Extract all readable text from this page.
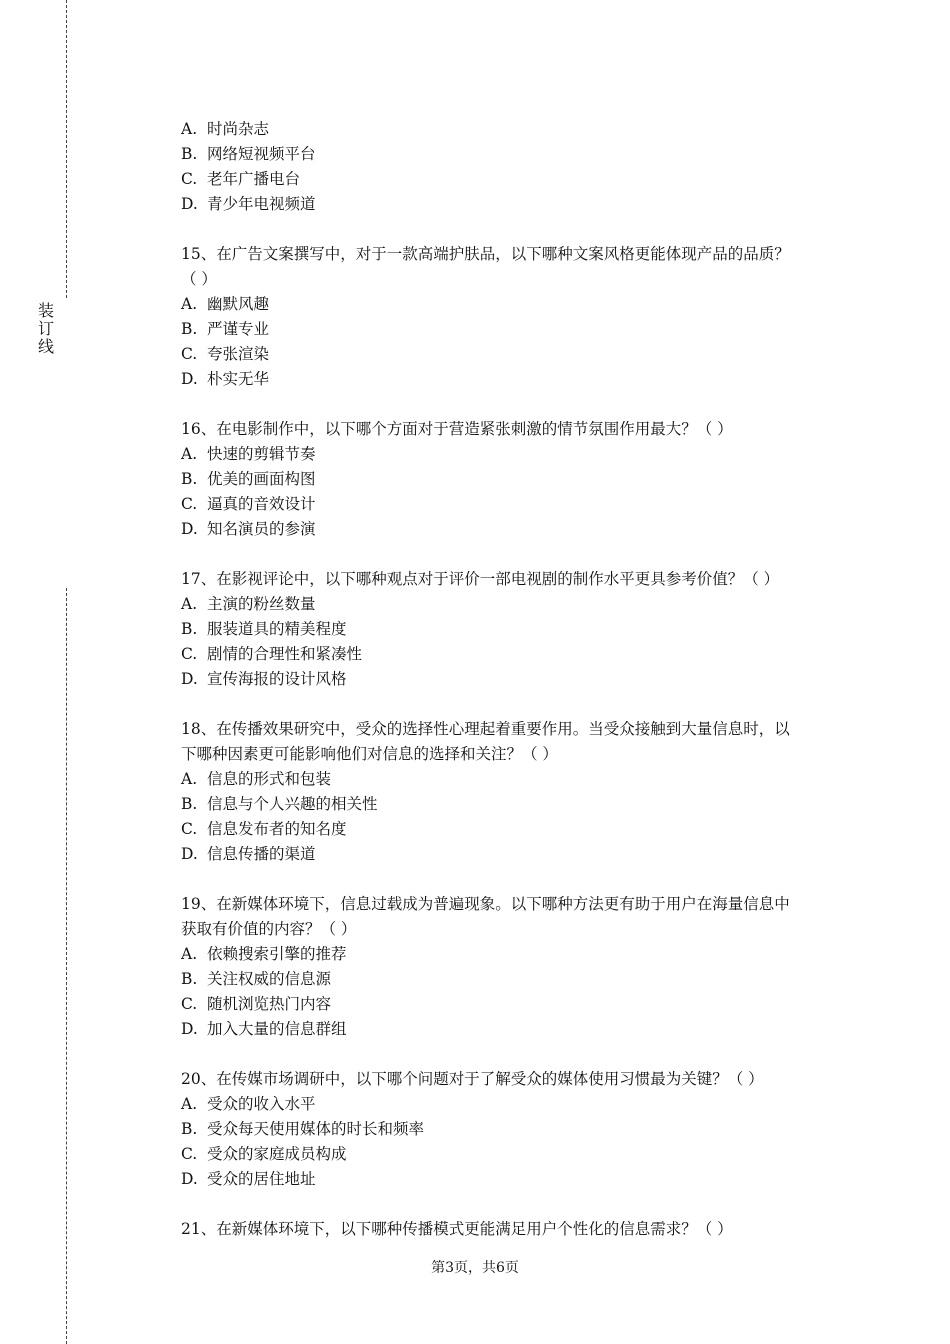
装
订
线
A. 时尚杂志
B. 网络短视频平台
C. 老年广播电台
D. 青少年电视频道
15、在广告文案撰写中，对于一款高端护肤品，以下哪种文案风格更能体现产品的品质？
（ ）
A. 幽默风趣
B. 严谨专业
C. 夸张渲染
D. 朴实无华
16、在电影制作中，以下哪个方面对于营造紧张刺激的情节氛围作用最大？（ ）
A. 快速的剪辑节奏
B. 优美的画面构图
C. 逼真的音效设计
D. 知名演员的参演
17、在影视评论中，以下哪种观点对于评价一部电视剧的制作水平更具参考价值？（ ）
A. 主演的粉丝数量
B. 服装道具的精美程度
C. 剧情的合理性和紧凑性
D. 宣传海报的设计风格
18、在传播效果研究中，受众的选择性心理起着重要作用。当受众接触到大量信息时，以
下哪种因素更可能影响他们对信息的选择和关注？（ ）
A. 信息的形式和包装
B. 信息与个人兴趣的相关性
C. 信息发布者的知名度
D. 信息传播的渠道
19、在新媒体环境下，信息过载成为普遍现象。以下哪种方法更有助于用户在海量信息中
获取有价值的内容？（ ）
A. 依赖搜索引擎的推荐
B. 关注权威的信息源
C. 随机浏览热门内容
D. 加入大量的信息群组
20、在传媒市场调研中，以下哪个问题对于了解受众的媒体使用习惯最为关键？（ ）
A. 受众的收入水平
B. 受众每天使用媒体的时长和频率
C. 受众的家庭成员构成
D. 受众的居住地址
21、在新媒体环境下，以下哪种传播模式更能满足用户个性化的信息需求？（ ）
第3页，共6页
